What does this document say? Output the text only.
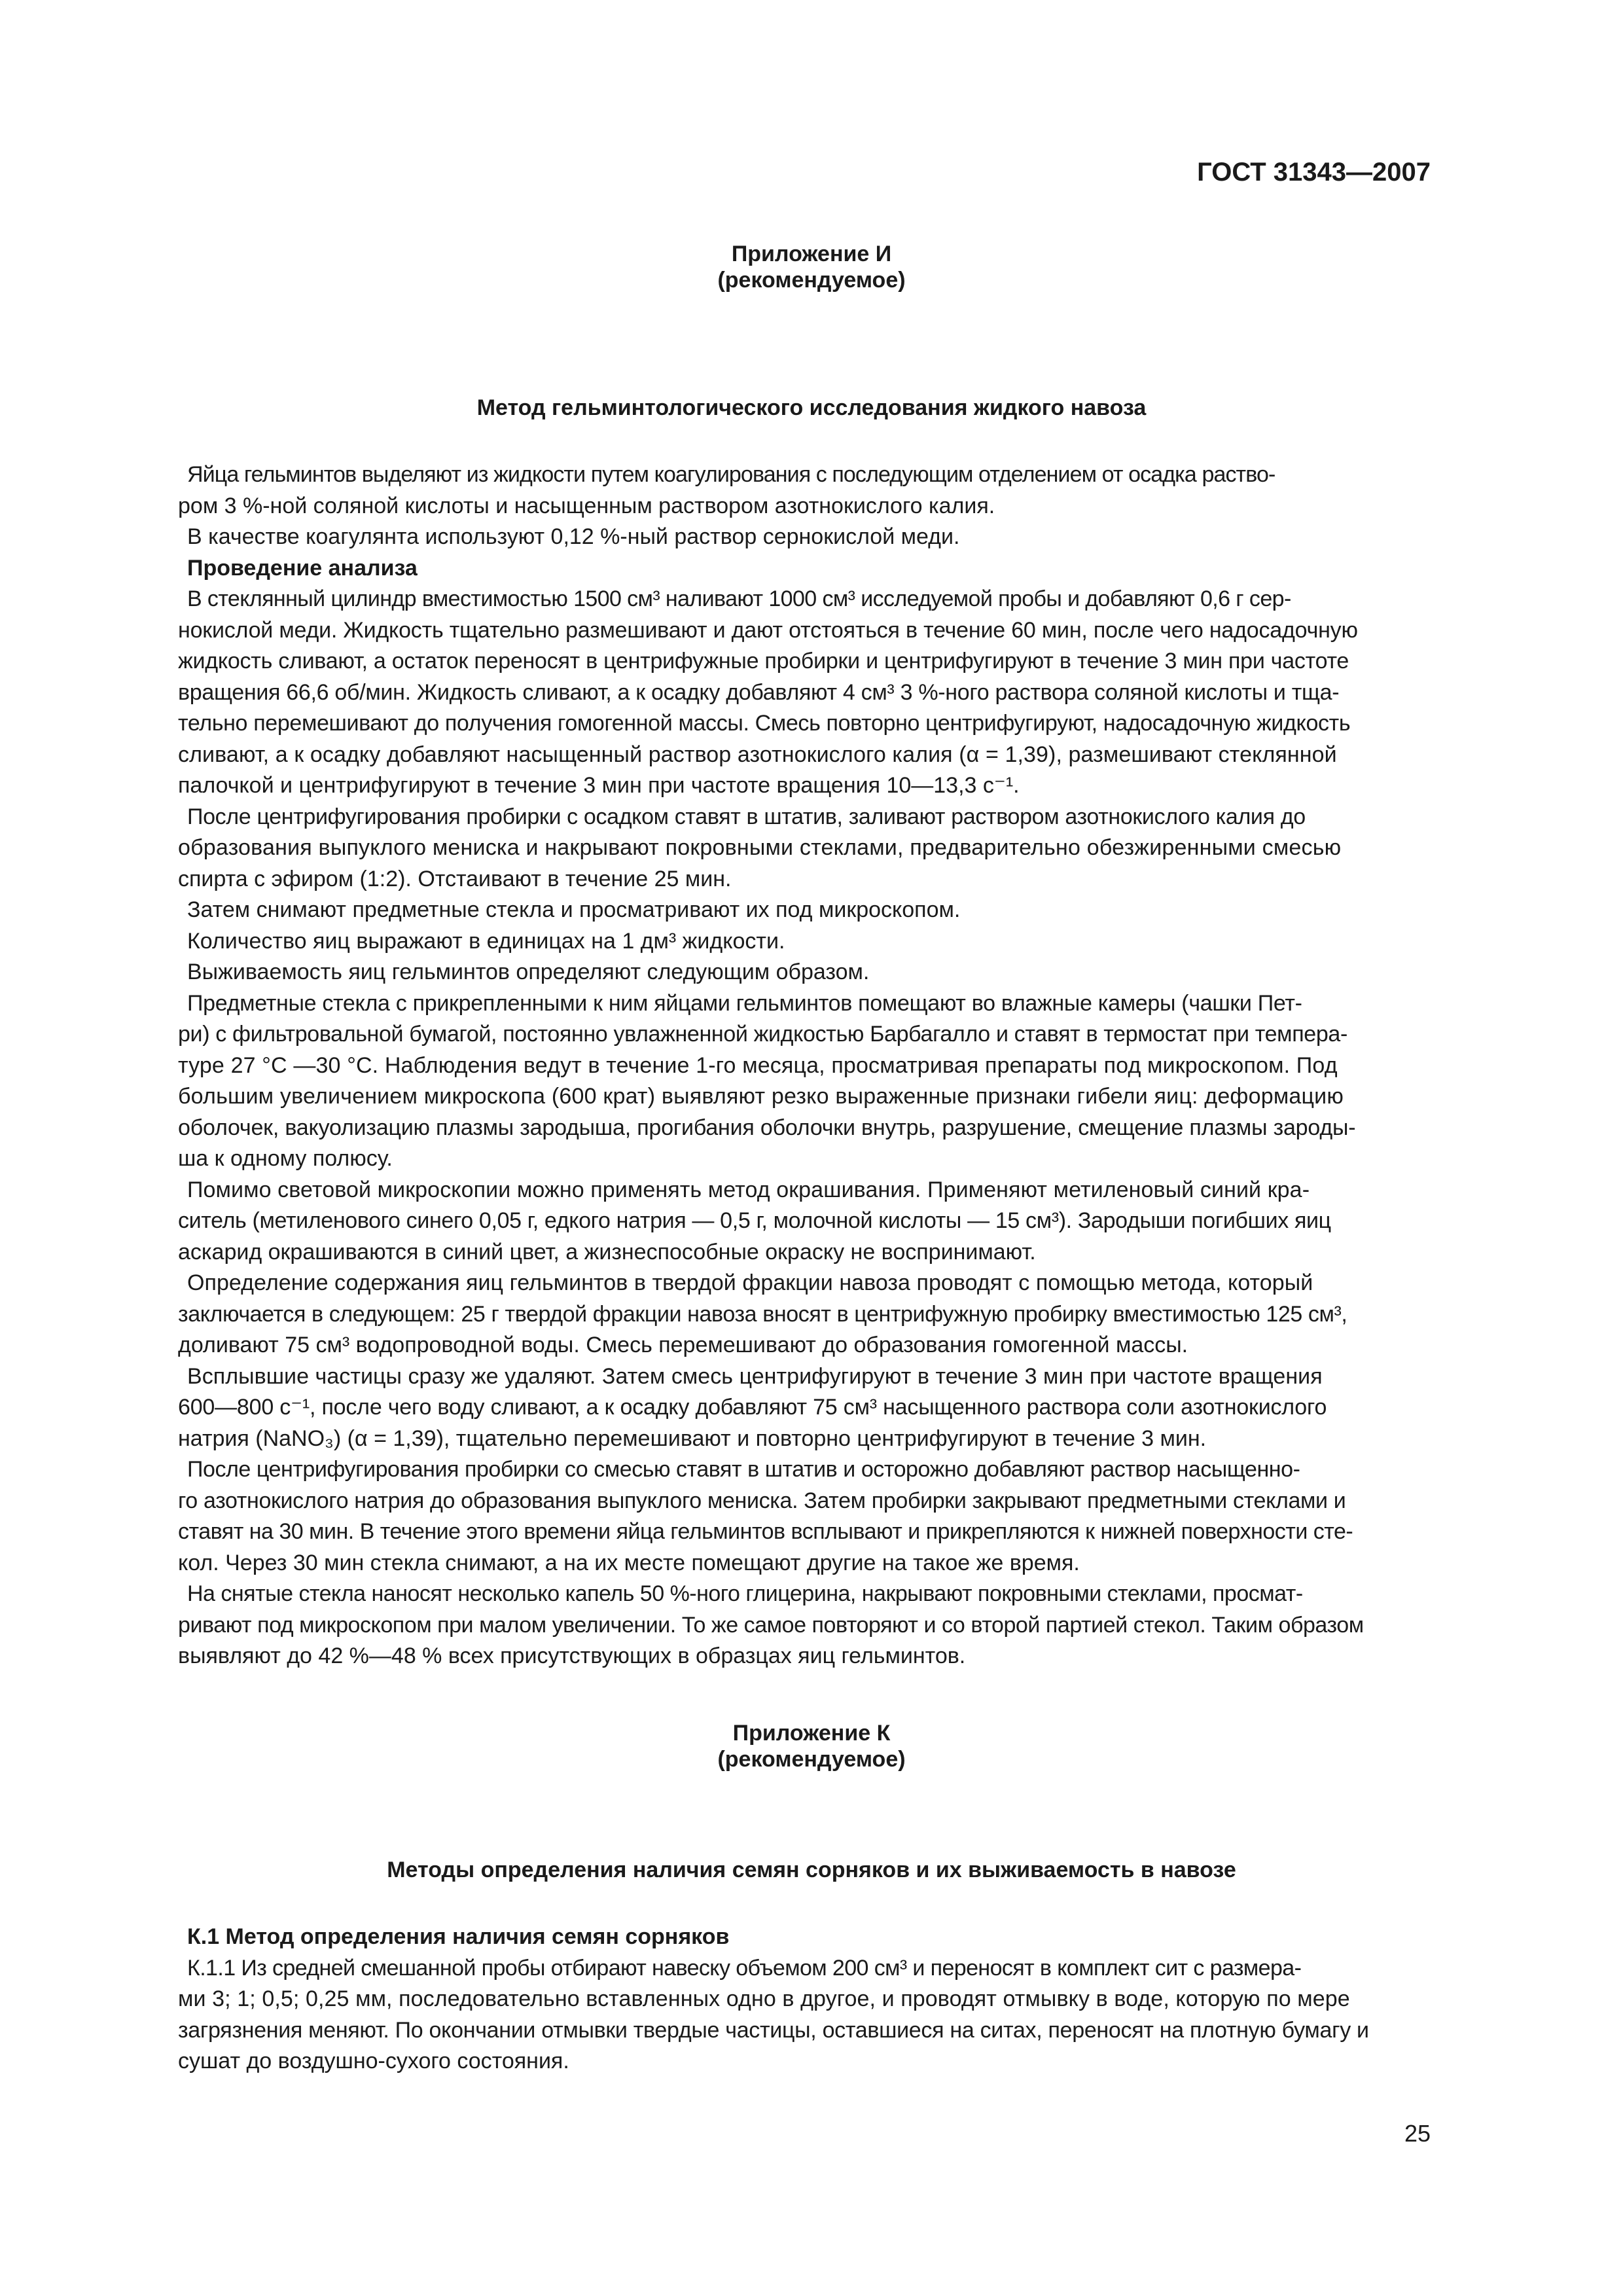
ГОСТ 31343—2007
Приложение И
(рекомендуемое)
Метод гельминтологического исследования жидкого навоза
Яйца гельминтов выделяют из жидкости путем коагулирования с последующим отделением от осадка раство-
ром 3 %-ной соляной кислоты и насыщенным раствором азотнокислого калия.
В качестве коагулянта используют 0,12 %-ный раствор сернокислой меди.
Проведение анализа
В стеклянный цилиндр вместимостью 1500 см³ наливают 1000 см³ исследуемой пробы и добавляют 0,6 г сер-
нокислой меди. Жидкость тщательно размешивают и дают отстояться в течение 60 мин, после чего надосадочную
жидкость сливают, а остаток переносят в центрифужные пробирки и центрифугируют в течение 3 мин при частоте
вращения 66,6 об/мин. Жидкость сливают, а к осадку добавляют 4 см³ 3 %-ного раствора соляной кислоты и тща-
тельно перемешивают до получения гомогенной массы. Смесь повторно центрифугируют, надосадочную жидкость
сливают, а к осадку добавляют насыщенный раствор азотнокислого калия (α = 1,39), размешивают стеклянной
палочкой и центрифугируют в течение 3 мин при частоте вращения 10—13,3 с⁻¹.
После центрифугирования пробирки с осадком ставят в штатив, заливают раствором азотнокислого калия до
образования выпуклого мениска и накрывают покровными стеклами, предварительно обезжиренными смесью
спирта с эфиром (1:2). Отстаивают в течение 25 мин.
Затем снимают предметные стекла и просматривают их под микроскопом.
Количество яиц выражают в единицах на 1 дм³ жидкости.
Выживаемость яиц гельминтов определяют следующим образом.
Предметные стекла с прикрепленными к ним яйцами гельминтов помещают во влажные камеры (чашки Пет-
ри) с фильтровальной бумагой, постоянно увлажненной жидкостью Барбагалло и ставят в термостат при темпера-
туре 27 °С —30 °С. Наблюдения ведут в течение 1-го месяца, просматривая препараты под микроскопом. Под
большим увеличением микроскопа (600 крат) выявляют резко выраженные признаки гибели яиц: деформацию
оболочек, вакуолизацию плазмы зародыша, прогибания оболочки внутрь, разрушение, смещение плазмы зароды-
ша к одному полюсу.
Помимо световой микроскопии можно применять метод окрашивания. Применяют метиленовый синий кра-
ситель (метиленового синего 0,05 г, едкого натрия — 0,5 г, молочной кислоты — 15 см³). Зародыши погибших яиц
аскарид окрашиваются в синий цвет, а жизнеспособные окраску не воспринимают.
Определение содержания яиц гельминтов в твердой фракции навоза проводят с помощью метода, который
заключается в следующем: 25 г твердой фракции навоза вносят в центрифужную пробирку вместимостью 125 см³,
доливают 75 см³ водопроводной воды. Смесь перемешивают до образования гомогенной массы.
Всплывшие частицы сразу же удаляют. Затем смесь центрифугируют в течение 3 мин при частоте вращения
600—800 с⁻¹, после чего воду сливают, а к осадку добавляют 75 см³ насыщенного раствора соли азотнокислого
натрия (NaNO₃) (α = 1,39), тщательно перемешивают и повторно центрифугируют в течение 3 мин.
После центрифугирования пробирки со смесью ставят в штатив и осторожно добавляют раствор насыщенно-
го азотнокислого натрия до образования выпуклого мениска. Затем пробирки закрывают предметными стеклами и
ставят на 30 мин. В течение этого времени яйца гельминтов всплывают и прикрепляются к нижней поверхности сте-
кол. Через 30 мин стекла снимают, а на их месте помещают другие на такое же время.
На снятые стекла наносят несколько капель 50 %-ного глицерина, накрывают покровными стеклами, просмат-
ривают под микроскопом при малом увеличении. То же самое повторяют и со второй партией стекол. Таким образом
выявляют до 42 %—48 % всех присутствующих в образцах яиц гельминтов.
Приложение К
(рекомендуемое)
Методы определения наличия семян сорняков и их выживаемость в навозе
К.1 Метод определения наличия семян сорняков
К.1.1 Из средней смешанной пробы отбирают навеску объемом 200 см³ и переносят в комплект сит с размера-
ми 3; 1; 0,5; 0,25 мм, последовательно вставленных одно в другое, и проводят отмывку в воде, которую по мере
загрязнения меняют. По окончании отмывки твердые частицы, оставшиеся на ситах, переносят на плотную бумагу и
сушат до воздушно-сухого состояния.
25
